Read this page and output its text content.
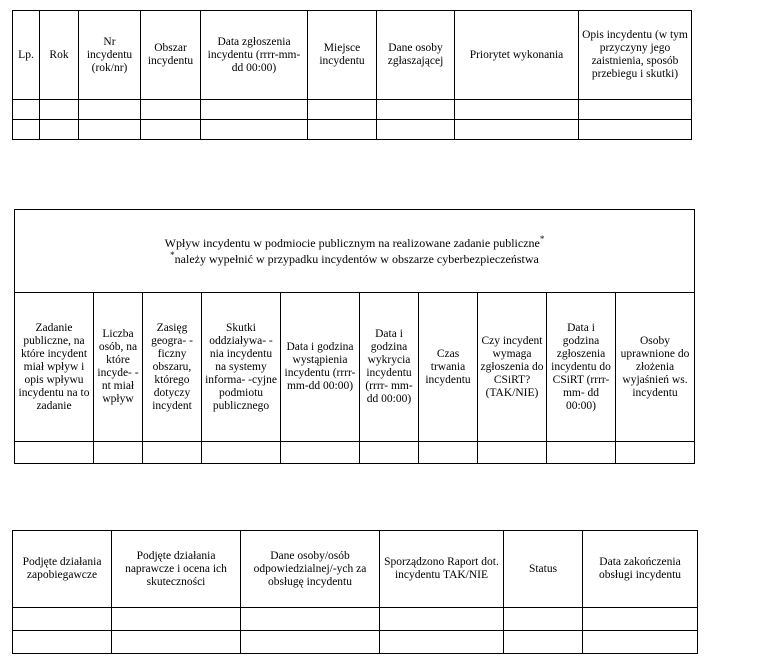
Lp.	Rok	Nr incydentu (rok/nr)	Obszar incydentu	Data zgłoszenia incydentu (rrrr-mm-dd 00:00)	Miejsce incydentu	Dane osoby zgłaszającej	Priorytet wykonania	Opis incydentu (w tym przyczyny jego zaistnienia, sposób przebiegu i skutki)

Wpływ incydentu w podmiocie publicznym na realizowane zadanie publiczne*
*należy wypełnić w przypadku incydentów w obszarze cyberbezpieczeństwa									
Zadanie publiczne, na które incydent miał wpływ i opis wpływu incydentu na to zadanie	Liczba osób, na które incyde- -nt miał wpływ	Zasięg geogra- -ficzny obszaru, którego dotyczy incydent	Skutki oddziaływa- -nia incydentu na systemy informa- -cyjne podmiotu publicznego	Data i godzina wystąpienia incydentu (rrrr-mm-dd 00:00)	Data i godzina wykrycia incydentu (rrrr- mm-dd 00:00)	Czas trwania incydentu	Czy incydent wymaga zgłoszenia do CSiRT? (TAK/NIE)	Data i godzina zgłoszenia incydentu do CSiRT (rrrr-mm- dd 00:00)	Osoby uprawnione do złożenia wyjaśnień ws. incydentu

Podjęte działania zapobiegawcze	Podjęte działania naprawcze i ocena ich skuteczności	Dane osoby/osób odpowiedzialnej/-ych za obsługę incydentu	Sporządzono Raport dot. incydentu TAK/NIE	Status	Data zakończenia obsługi incydentu
